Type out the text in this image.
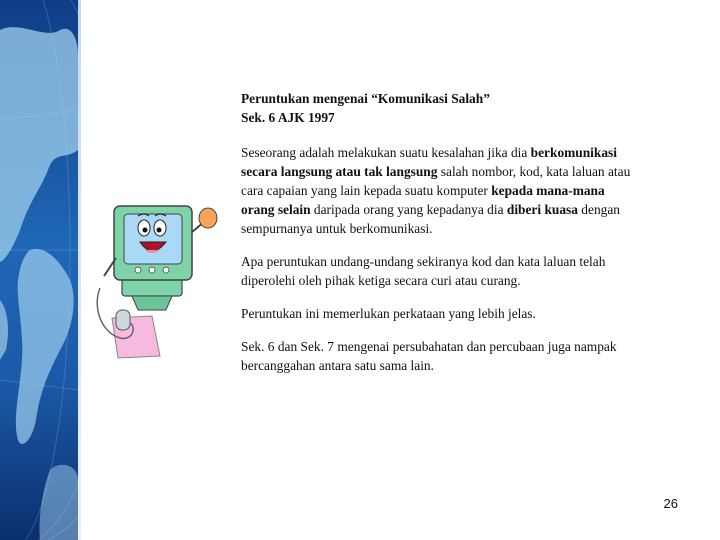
Peruntukan mengenai “Komunikasi Salah”
Sek. 6 AJK 1997

Seseorang adalah melakukan suatu kesalahan jika dia berkomunikasi secara langsung atau tak langsung salah nombor, kod, kata laluan atau cara capaian yang lain kepada suatu komputer kepada mana-mana orang selain daripada orang yang kepadanya dia diberi kuasa dengan sempurnanya untuk berkomunikasi.

Apa peruntukan undang-undang sekiranya kod dan kata laluan telah diperolehi oleh pihak ketiga secara curi atau curang.

Peruntukan ini memerlukan perkataan yang lebih jelas.

Sek. 6 dan Sek. 7 mengenai persubahatan dan percubaan juga nampak bercanggahan antara satu sama lain.

26
